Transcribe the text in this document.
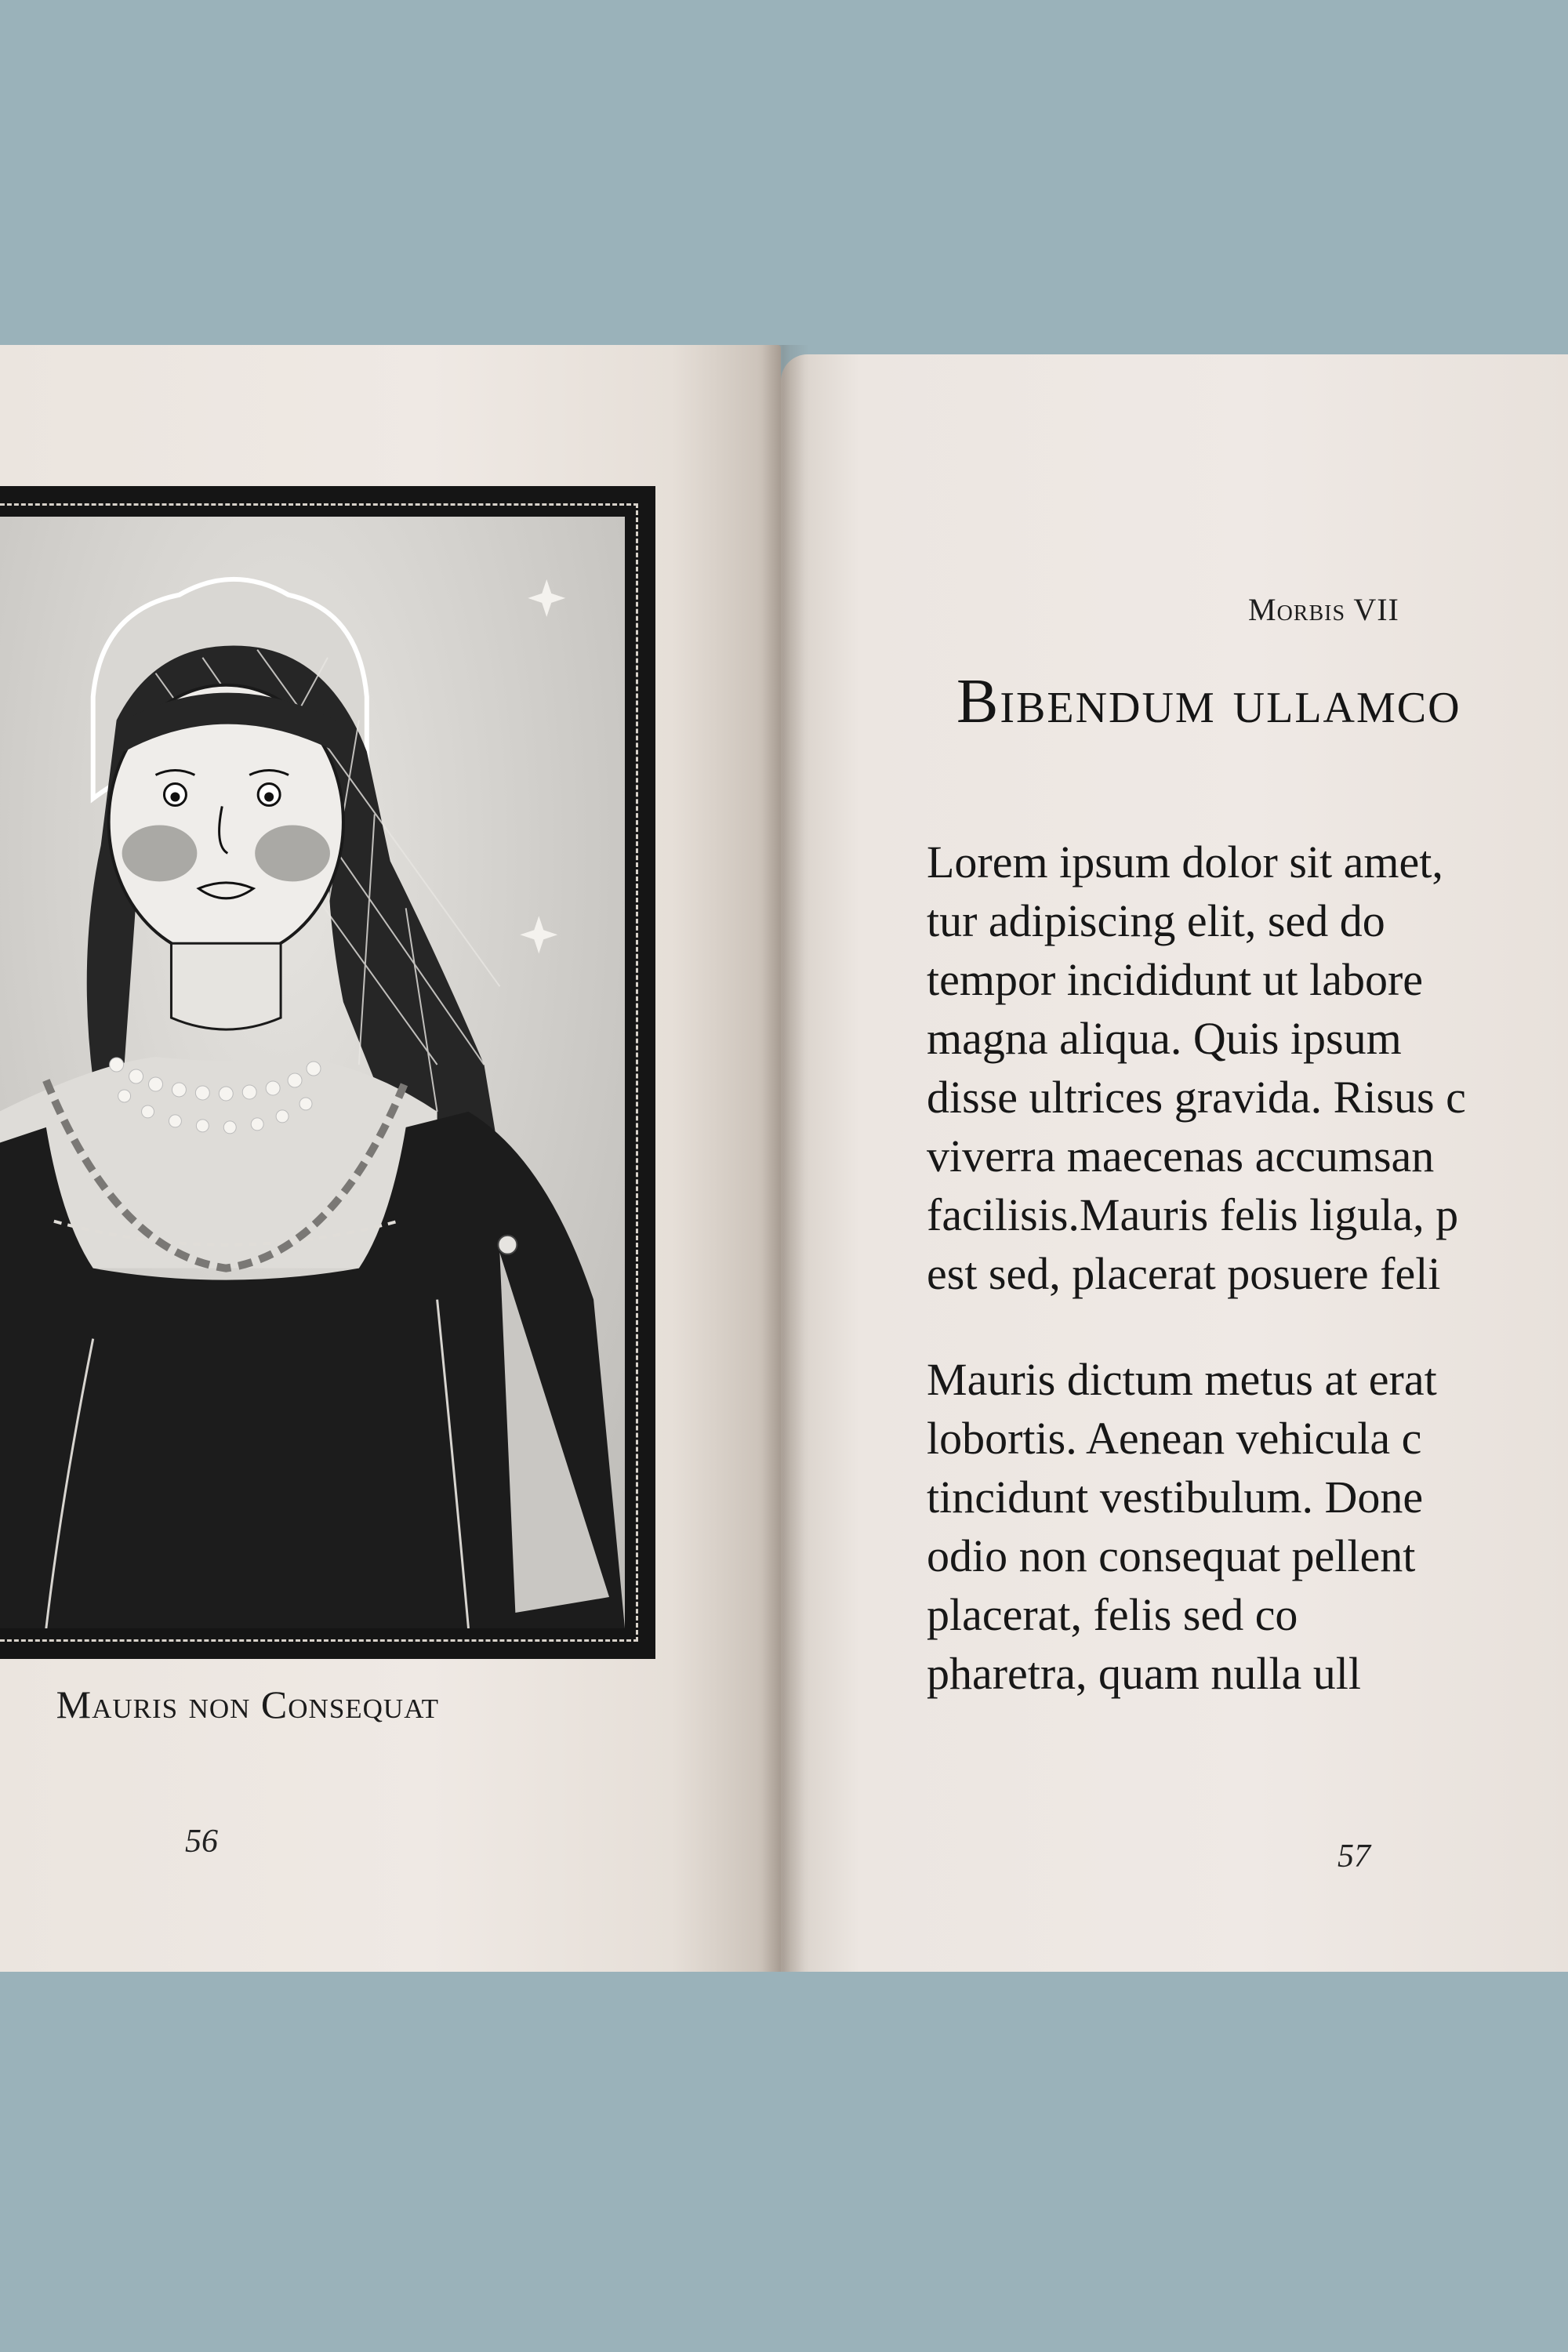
Mauris non Consequat
56
Morbis VII
Bibendum ullamco

Lorem ipsum dolor sit amet,
tur adipiscing elit, sed do
tempor incididunt ut labore
magna aliqua. Quis ipsum
disse ultrices gravida. Risus c
viverra maecenas accumsan
facilisis.Mauris felis ligula, p
est sed, placerat posuere feli

Mauris dictum metus at erat
lobortis. Aenean vehicula c
tincidunt vestibulum. Done
odio non consequat pellent
placerat, felis sed co
pharetra, quam nulla ull

57
